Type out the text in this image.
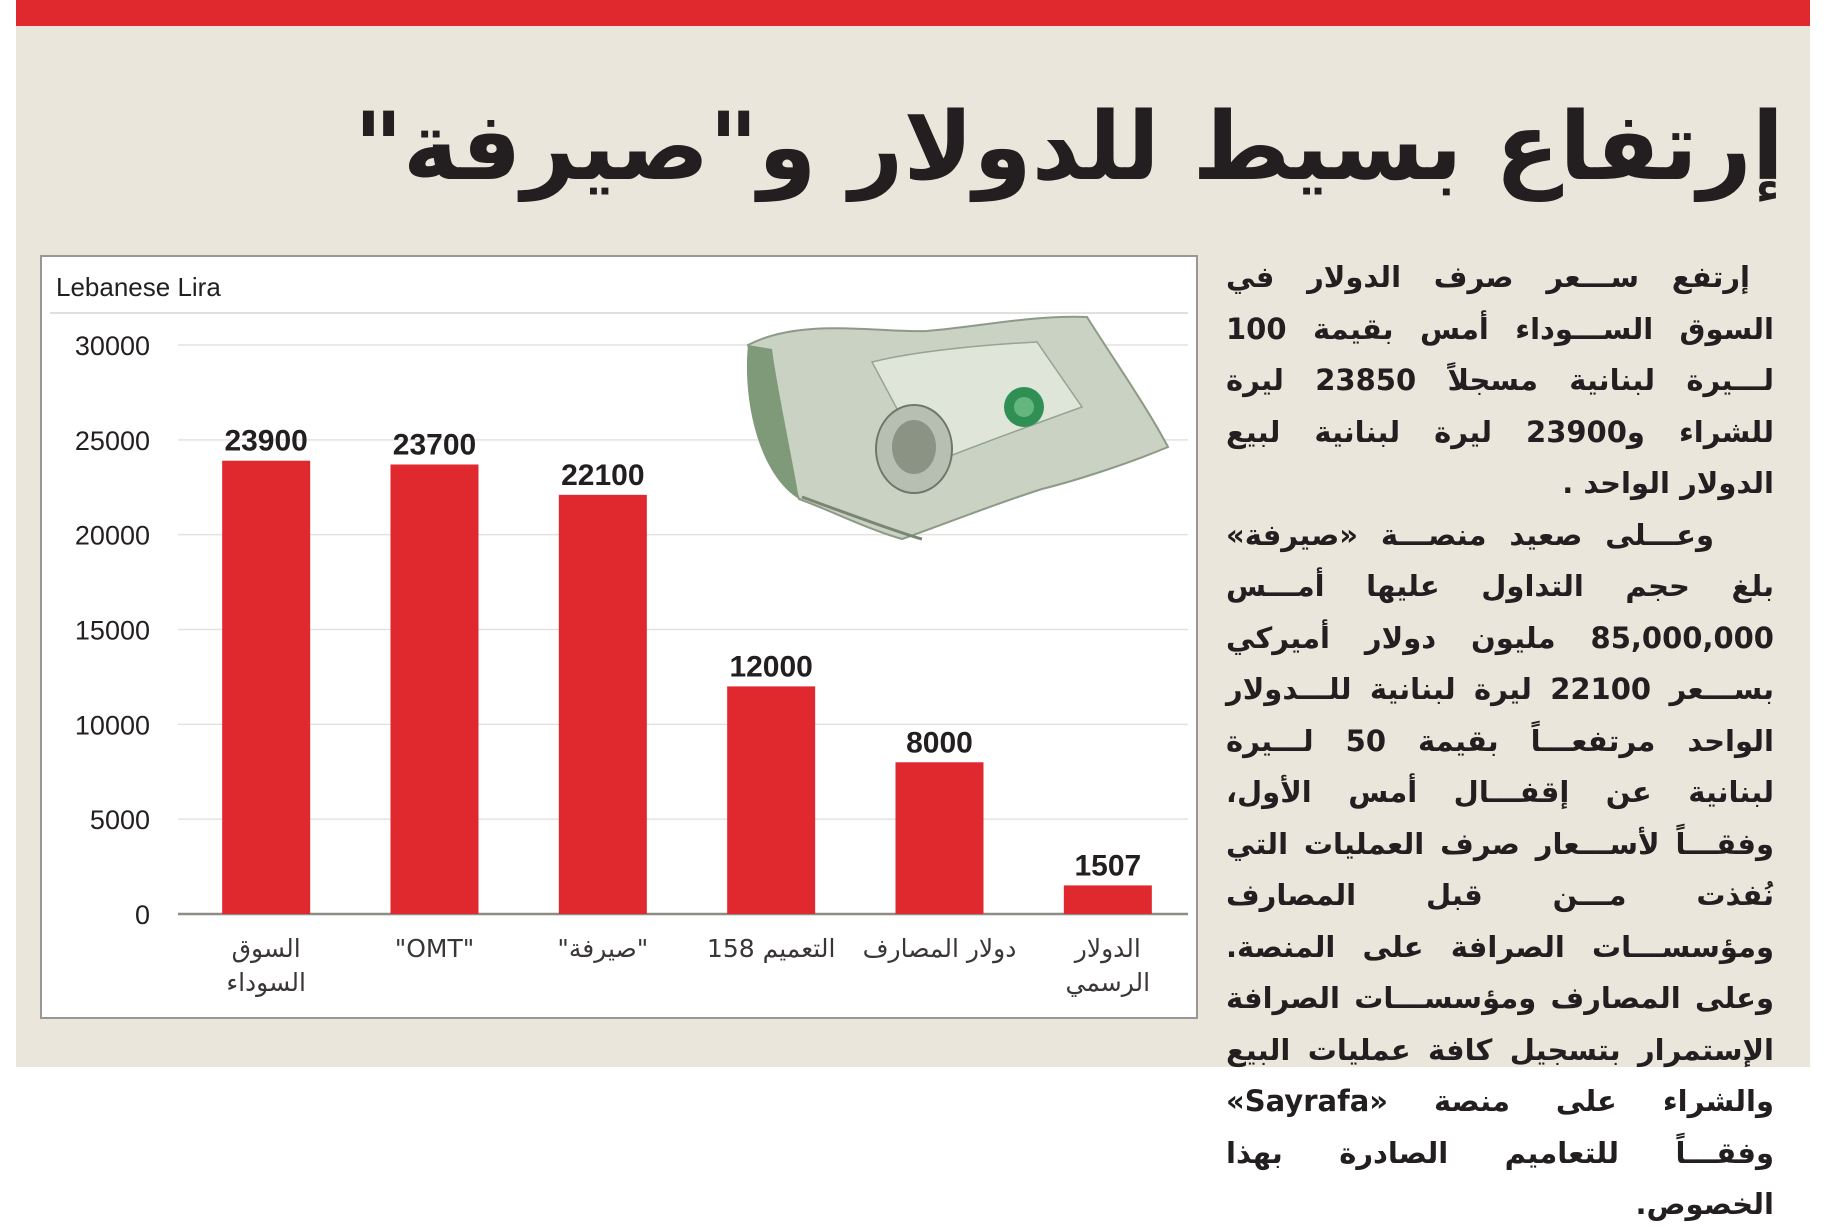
إرتفاع بسيط للدولار و"صيرفة"
Lebanese Lira
0
5000
10000
15000
20000
25000
30000
23900	23700
22100
12000
8000
1507
السوق
السوداء
"OMT"	"صيرفة" التعميم 158 دولار المصارف الدولار
الرسمي

إرتفع ســـعر صرف الدولار في السوق الســـوداء أمس بقيمة 100 لـــيرة لبنانية مسجلاً 23850 ليرة للشراء و23900 ليرة لبنانية لبيع الدولار الواحد .

وعـــلى صعيد منصـــة «صيرفة» بلغ حجم التداول عليها أمـــس 85,000,000 مليون دولار أميركي بســـعر 22100 ليرة لبنانية للـــدولار الواحد مرتفعـــاً بقيمة 50 لـــيرة لبنانية عن إقفـــال أمس الأول، وفقـــاً لأســـعار صرف العمليات التي نُفذت مـــن قبل المصارف ومؤسســـات الصرافة على المنصة. وعلى المصارف ومؤسســـات الصرافة الإستمرار بتسجيل كافة عمليات البيع والشراء على منصة «Sayrafa» وفقـــاً للتعاميم الصادرة بهذا الخصوص.
